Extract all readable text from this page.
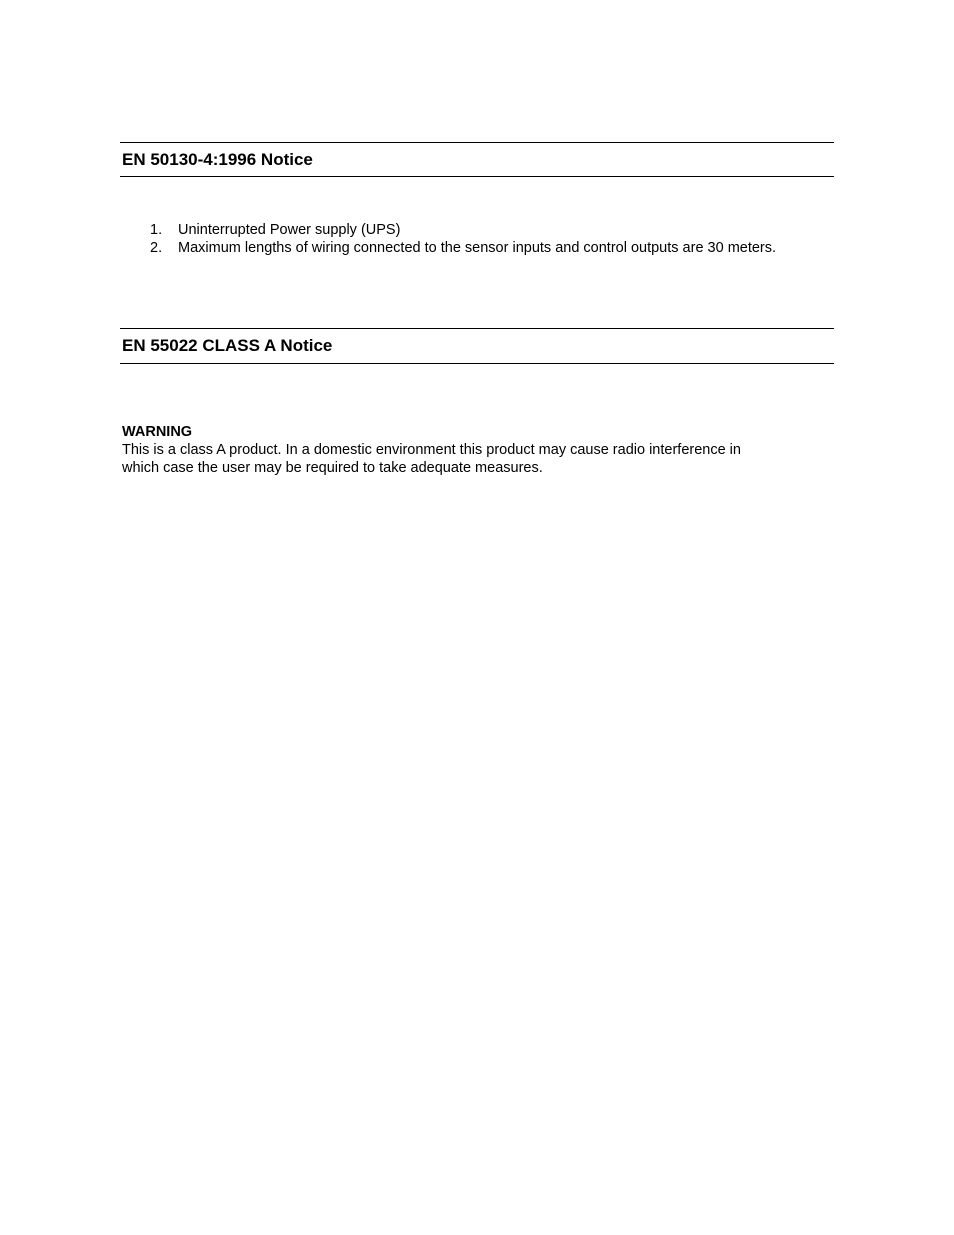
EN 50130-4:1996 Notice
1. Uninterrupted Power supply (UPS)
2. Maximum lengths of wiring connected to the sensor inputs and control outputs are 30 meters.
EN 55022 CLASS A Notice
WARNING
This is a class A product. In a domestic environment this product may cause radio interference in
which case the user may be required to take adequate measures.
